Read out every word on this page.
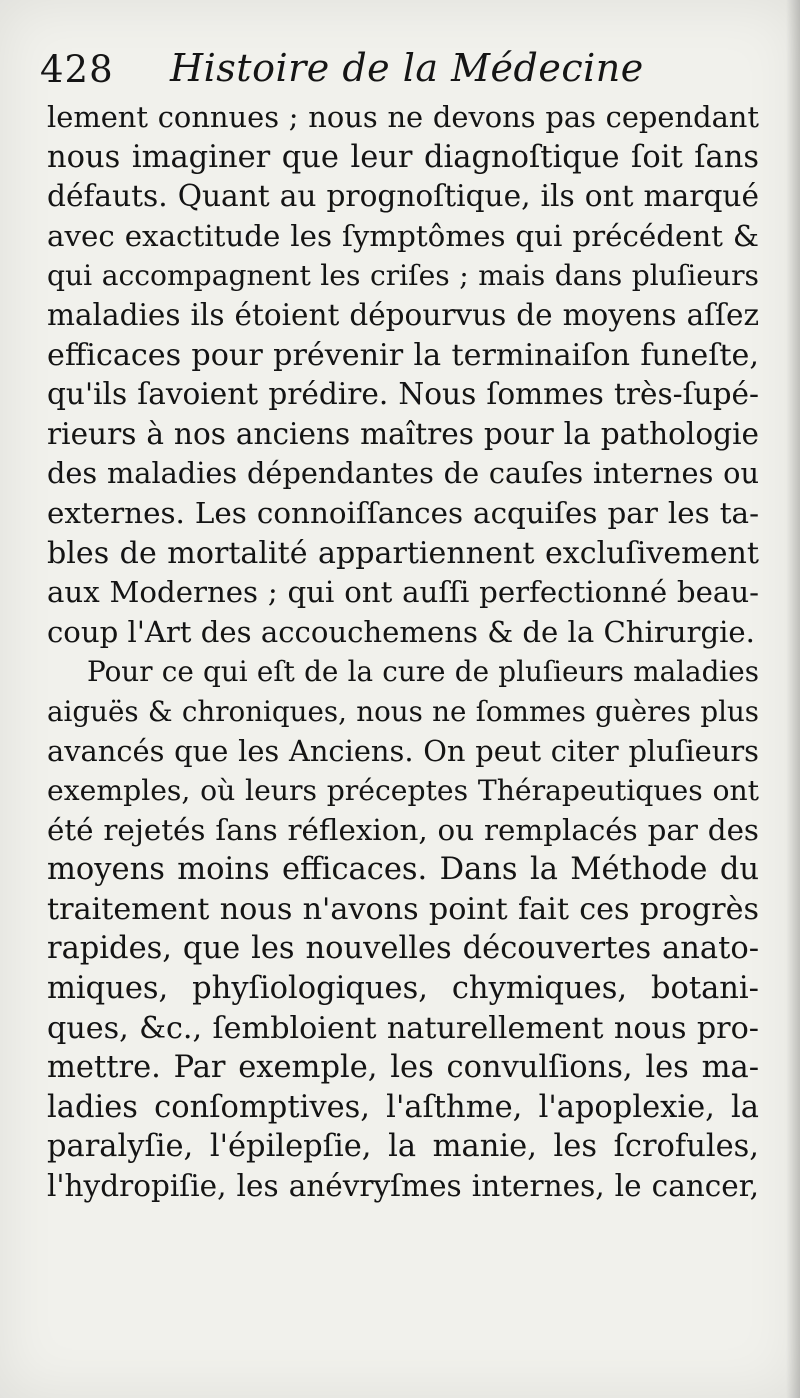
428 Histoire de la Médecine
lement connues ; nous ne devons pas cependant
nous imaginer que leur diagnoſtique ſoit ſans
défauts. Quant au prognoſtique, ils ont marqué
avec exactitude les ſymptômes qui précédent &
qui accompagnent les criſes ; mais dans pluſieurs
maladies ils étoient dépourvus de moyens aſſez
efficaces pour prévenir la terminaiſon funeſte,
qu'ils ſavoient prédire. Nous ſommes très-ſupé-
rieurs à nos anciens maîtres pour la pathologie
des maladies dépendantes de cauſes internes ou
externes. Les connoiſſances acquiſes par les ta-
bles de mortalité appartiennent excluſivement
aux Modernes ; qui ont auſſi perfectionné beau-
coup l'Art des accouchemens & de la Chirurgie.
Pour ce qui eſt de la cure de pluſieurs maladies
aiguës & chroniques, nous ne ſommes guères plus
avancés que les Anciens. On peut citer pluſieurs
exemples, où leurs préceptes Thérapeutiques ont
été rejetés ſans réflexion, ou remplacés par des
moyens moins efficaces. Dans la Méthode du
traitement nous n'avons point fait ces progrès
rapides, que les nouvelles découvertes anato-
miques, phyſiologiques, chymiques, botani-
ques, &c., ſembloient naturellement nous pro-
mettre. Par exemple, les convulſions, les ma-
ladies conſomptives, l'aſthme, l'apoplexie, la
paralyſie, l'épilepſie, la manie, les ſcrofules,
l'hydropiſie, les anévryſmes internes, le cancer,
